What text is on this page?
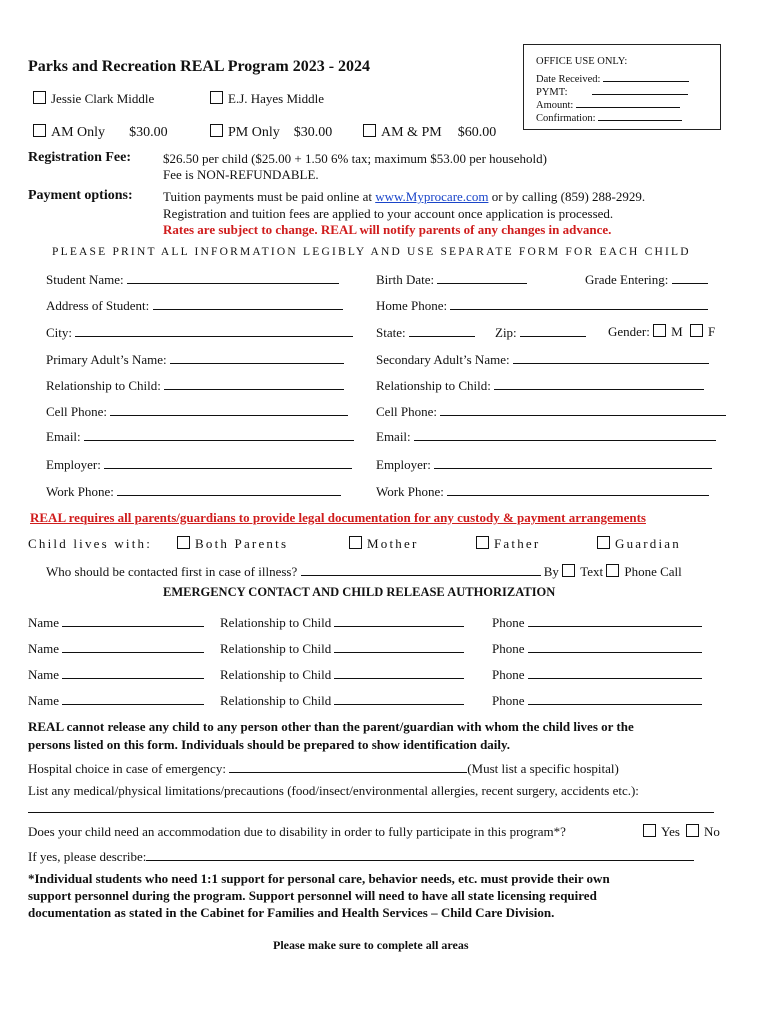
OFFICE USE ONLY:
Date Received:
PYMT:
Amount:
Confirmation:
Parks and Recreation REAL Program 2023 - 2024
Jessie Clark Middle	E.J. Hayes Middle
AM Only $30.00	PM Only $30.00	AM & PM $60.00
Registration Fee: $26.50 per child ($25.00 + 1.50 6% tax; maximum $53.00 per household)
Fee is NON-REFUNDABLE.
Payment options: Tuition payments must be paid online at www.Myprocare.com or by calling (859) 288-2929.
Registration and tuition fees are applied to your account once application is processed.
Rates are subject to change. REAL will notify parents of any changes in advance.
PLEASE PRINT ALL INFORMATION LEGIBLY AND USE SEPARATE FORM FOR EACH CHILD
Student Name:	Birth Date:	Grade Entering:
Address of Student:	Home Phone:
City:	State:	Zip:	Gender: M F
Primary Adult’s Name:	Secondary Adult’s Name:
Relationship to Child:	Relationship to Child:
Cell Phone:	Cell Phone:
Email:	Email:
Employer:	Employer:
Work Phone:	Work Phone:
REAL requires all parents/guardians to provide legal documentation for any custody & payment arrangements
Child lives with:	Both Parents	Mother	Father	Guardian
Who should be contacted first in case of illness?	By Text Phone Call
EMERGENCY CONTACT AND CHILD RELEASE AUTHORIZATION
Name	Relationship to Child	Phone
Name	Relationship to Child	Phone
Name	Relationship to Child	Phone
Name	Relationship to Child	Phone
REAL cannot release any child to any person other than the parent/guardian with whom the child lives or the
persons listed on this form. Individuals should be prepared to show identification daily.
Hospital choice in case of emergency:	(Must list a specific hospital)
List any medical/physical limitations/precautions (food/insect/environmental allergies, recent surgery, accidents etc.):
Does your child need an accommodation due to disability in order to fully participate in this program*?	Yes	No
If yes, please describe:
*Individual students who need 1:1 support for personal care, behavior needs, etc. must provide their own
support personnel during the program. Support personnel will need to have all state licensing required
documentation as stated in the Cabinet for Families and Health Services – Child Care Division.
Please make sure to complete all areas
